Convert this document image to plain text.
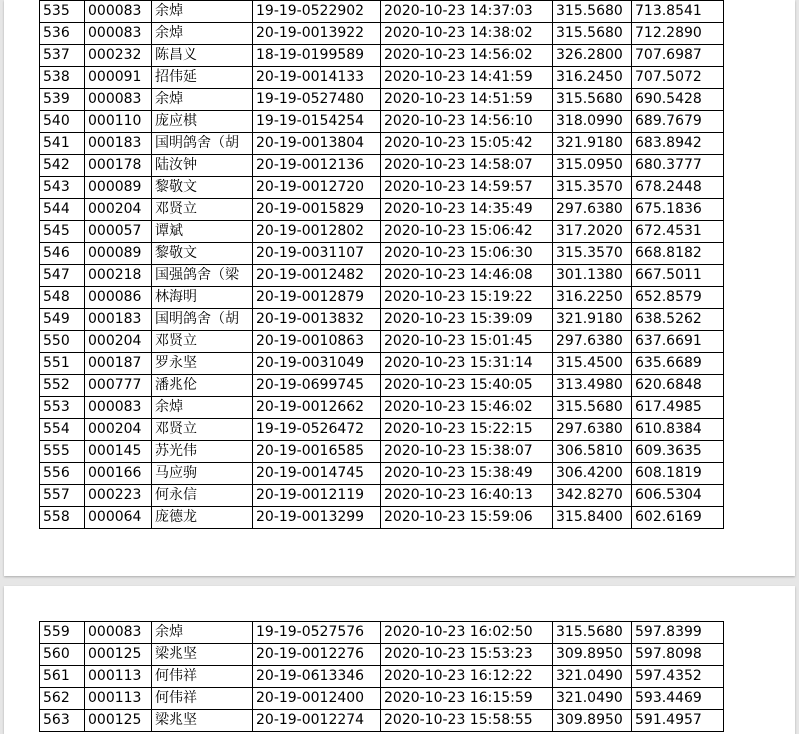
535	000083	余焯	19-19-0522902	2020-10-23 14:37:03	315.5680	713.8541
536	000083	余焯	20-19-0013922	2020-10-23 14:38:02	315.5680	712.2890
537	000232	陈昌义	18-19-0199589	2020-10-23 14:56:02	326.2800	707.6987
538	000091	招伟延	20-19-0014133	2020-10-23 14:41:59	316.2450	707.5072
539	000083	余焯	19-19-0527480	2020-10-23 14:51:59	315.5680	690.5428
540	000110	庞应棋	19-19-0154254	2020-10-23 14:56:10	318.0990	689.7679
541	000183	国明鸽舍（胡	20-19-0013804	2020-10-23 15:05:42	321.9180	683.8942
542	000178	陆汝钟	20-19-0012136	2020-10-23 14:58:07	315.0950	680.3777
543	000089	黎敬文	20-19-0012720	2020-10-23 14:59:57	315.3570	678.2448
544	000204	邓贤立	20-19-0015829	2020-10-23 14:35:49	297.6380	675.1836
545	000057	谭斌	20-19-0012802	2020-10-23 15:06:42	317.2020	672.4531
546	000089	黎敬文	20-19-0031107	2020-10-23 15:06:30	315.3570	668.8182
547	000218	国强鸽舍（梁	20-19-0012482	2020-10-23 14:46:08	301.1380	667.5011
548	000086	林海明	20-19-0012879	2020-10-23 15:19:22	316.2250	652.8579
549	000183	国明鸽舍（胡	20-19-0013832	2020-10-23 15:39:09	321.9180	638.5262
550	000204	邓贤立	20-19-0010863	2020-10-23 15:01:45	297.6380	637.6691
551	000187	罗永坚	20-19-0031049	2020-10-23 15:31:14	315.4500	635.6689
552	000777	潘兆伦	20-19-0699745	2020-10-23 15:40:05	313.4980	620.6848
553	000083	余焯	20-19-0012662	2020-10-23 15:46:02	315.5680	617.4985
554	000204	邓贤立	19-19-0526472	2020-10-23 15:22:15	297.6380	610.8384
555	000145	苏光伟	20-19-0016585	2020-10-23 15:38:07	306.5810	609.3635
556	000166	马应驹	20-19-0014745	2020-10-23 15:38:49	306.4200	608.1819
557	000223	何永信	20-19-0012119	2020-10-23 16:40:13	342.8270	606.5304
558	000064	庞德龙	20-19-0013299	2020-10-23 15:59:06	315.8400	602.6169
559	000083	余焯	19-19-0527576	2020-10-23 16:02:50	315.5680	597.8399
560	000125	梁兆坚	20-19-0012276	2020-10-23 15:53:23	309.8950	597.8098
561	000113	何伟祥	20-19-0613346	2020-10-23 16:12:22	321.0490	597.4352
562	000113	何伟祥	20-19-0012400	2020-10-23 16:15:59	321.0490	593.4469
563	000125	梁兆坚	20-19-0012274	2020-10-23 15:58:55	309.8950	591.4957
